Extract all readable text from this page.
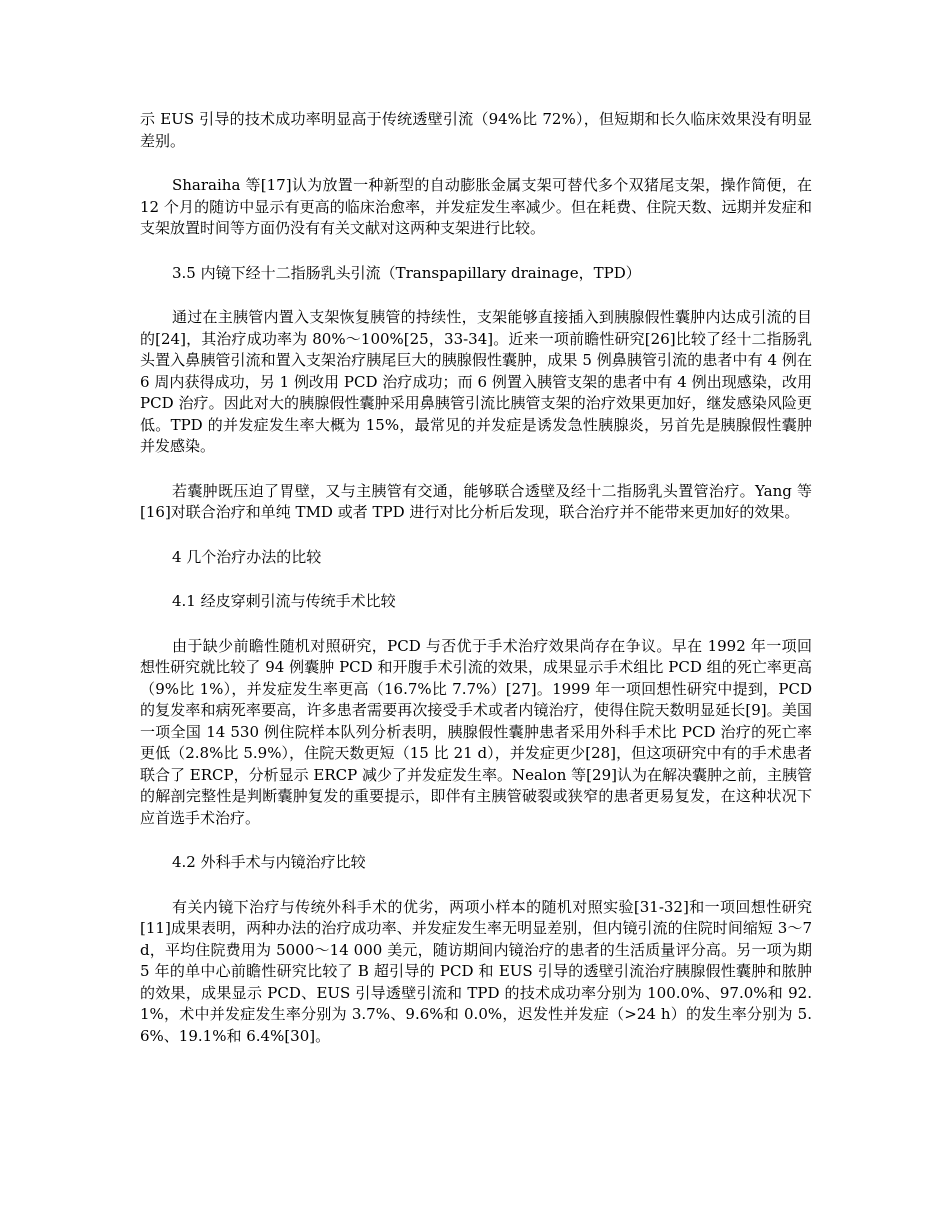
示 EUS 引导的技术成功率明显高于传统透壁引流（94%比 72%），但短期和长久临床效果没有明显差别。

Sharaiha 等[17]认为放置一种新型的自动膨胀金属支架可替代多个双猪尾支架，操作简便，在 12 个月的随访中显示有更高的临床治愈率，并发症发生率减少。但在耗费、住院天数、远期并发症和支架放置时间等方面仍没有有关文献对这两种支架进行比较。

3.5 内镜下经十二指肠乳头引流（Transpapillary drainage，TPD）

通过在主胰管内置入支架恢复胰管的持续性，支架能够直接插入到胰腺假性囊肿内达成引流的目的[24]，其治疗成功率为 80%～100%[25，33-34]。近来一项前瞻性研究[26]比较了经十二指肠乳头置入鼻胰管引流和置入支架治疗胰尾巨大的胰腺假性囊肿，成果 5 例鼻胰管引流的患者中有 4 例在 6 周内获得成功，另 1 例改用 PCD 治疗成功；而 6 例置入胰管支架的患者中有 4 例出现感染，改用 PCD 治疗。因此对大的胰腺假性囊肿采用鼻胰管引流比胰管支架的治疗效果更加好，继发感染风险更低。TPD 的并发症发生率大概为 15%，最常见的并发症是诱发急性胰腺炎，另首先是胰腺假性囊肿并发感染。

若囊肿既压迫了胃壁，又与主胰管有交通，能够联合透壁及经十二指肠乳头置管治疗。Yang 等[16]对联合治疗和单纯 TMD 或者 TPD 进行对比分析后发现，联合治疗并不能带来更加好的效果。

4 几个治疗办法的比较

4.1 经皮穿刺引流与传统手术比较

由于缺少前瞻性随机对照研究，PCD 与否优于手术治疗效果尚存在争议。早在 1992 年一项回想性研究就比较了 94 例囊肿 PCD 和开腹手术引流的效果，成果显示手术组比 PCD 组的死亡率更高（9%比 1%），并发症发生率更高（16.7%比 7.7%）[27]。1999 年一项回想性研究中提到，PCD 的复发率和病死率要高，许多患者需要再次接受手术或者内镜治疗，使得住院天数明显延长[9]。美国一项全国 14 530 例住院样本队列分析表明，胰腺假性囊肿患者采用外科手术比 PCD 治疗的死亡率更低（2.8%比 5.9%），住院天数更短（15 比 21 d），并发症更少[28]，但这项研究中有的手术患者联合了 ERCP，分析显示 ERCP 减少了并发症发生率。Nealon 等[29]认为在解决囊肿之前，主胰管的解剖完整性是判断囊肿复发的重要提示，即伴有主胰管破裂或狭窄的患者更易复发，在这种状况下应首选手术治疗。

4.2 外科手术与内镜治疗比较

有关内镜下治疗与传统外科手术的优劣，两项小样本的随机对照实验[31-32]和一项回想性研究[11]成果表明，两种办法的治疗成功率、并发症发生率无明显差别，但内镜引流的住院时间缩短 3～7 d，平均住院费用为 5000～14 000 美元，随访期间内镜治疗的患者的生活质量评分高。另一项为期 5 年的单中心前瞻性研究比较了 B 超引导的 PCD 和 EUS 引导的透壁引流治疗胰腺假性囊肿和脓肿的效果，成果显示 PCD、EUS 引导透壁引流和 TPD 的技术成功率分别为 100.0%、97.0%和 92.1%，术中并发症发生率分别为 3.7%、9.6%和 0.0%，迟发性并发症（>24 h）的发生率分别为 5.6%、19.1%和 6.4%[30]。
